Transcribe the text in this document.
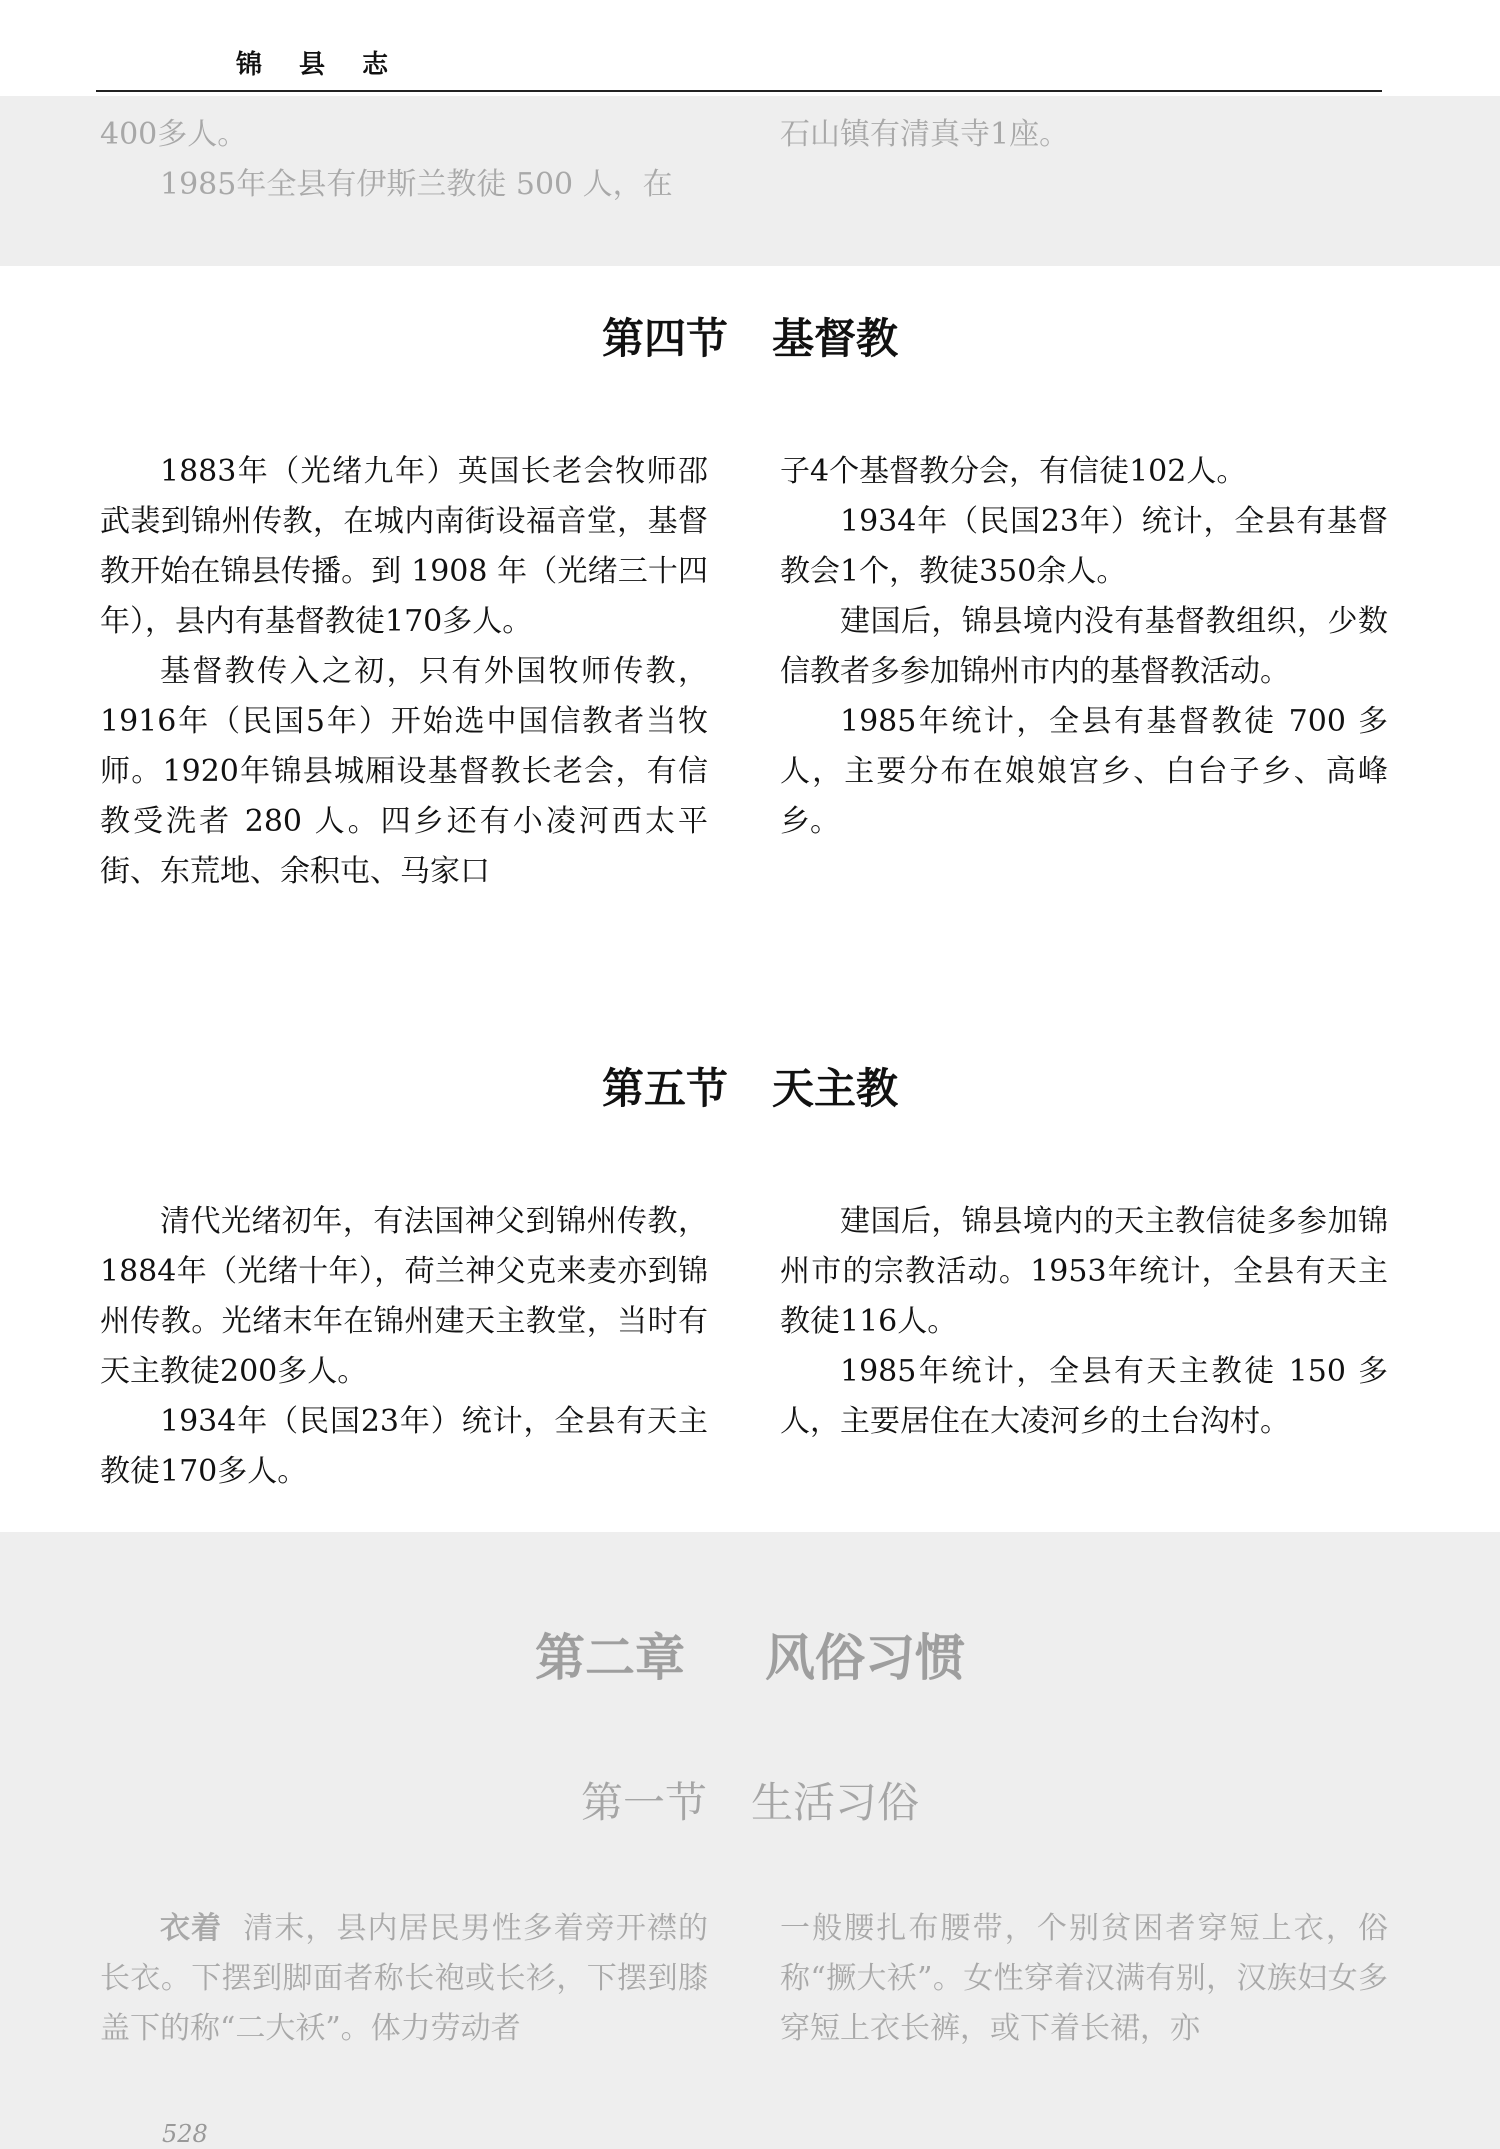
锦 县 志

400多人。

1985年全县有伊斯兰教徒 500 人，在

石山镇有清真寺1座。

第四节 基督教

1883年（光绪九年）英国长老会牧师邵武裴到锦州传教，在城内南街设福音堂，基督教开始在锦县传播。到 1908 年（光绪三十四年），县内有基督教徒170多人。

基督教传入之初，只有外国牧师传教，1916年（民国5年）开始选中国信教者当牧师。1920年锦县城厢设基督教长老会，有信教受洗者 280 人。四乡还有小凌河西太平街、东荒地、余积屯、马家口

子4个基督教分会，有信徒102人。

1934年（民国23年）统计，全县有基督教会1个，教徒350余人。

建国后，锦县境内没有基督教组织，少数信教者多参加锦州市内的基督教活动。

1985年统计，全县有基督教徒 700 多人，主要分布在娘娘宫乡、白台子乡、高峰乡。

第五节 天主教

清代光绪初年，有法国神父到锦州传教，1884年（光绪十年），荷兰神父克来麦亦到锦州传教。光绪末年在锦州建天主教堂，当时有天主教徒200多人。

1934年（民国23年）统计，全县有天主教徒170多人。

建国后，锦县境内的天主教信徒多参加锦州市的宗教活动。1953年统计，全县有天主教徒116人。

1985年统计，全县有天主教徒 150 多人，主要居住在大凌河乡的土台沟村。

第二章 风俗习惯
第一节 生活习俗

衣着 清末，县内居民男性多着旁开襟的长衣。下摆到脚面者称长袍或长衫，下摆到膝盖下的称“二大袄”。体力劳动者

一般腰扎布腰带，个别贫困者穿短上衣，俗称“撅大袄”。女性穿着汉满有别，汉族妇女多穿短上衣长裤，或下着长裙，亦

528
